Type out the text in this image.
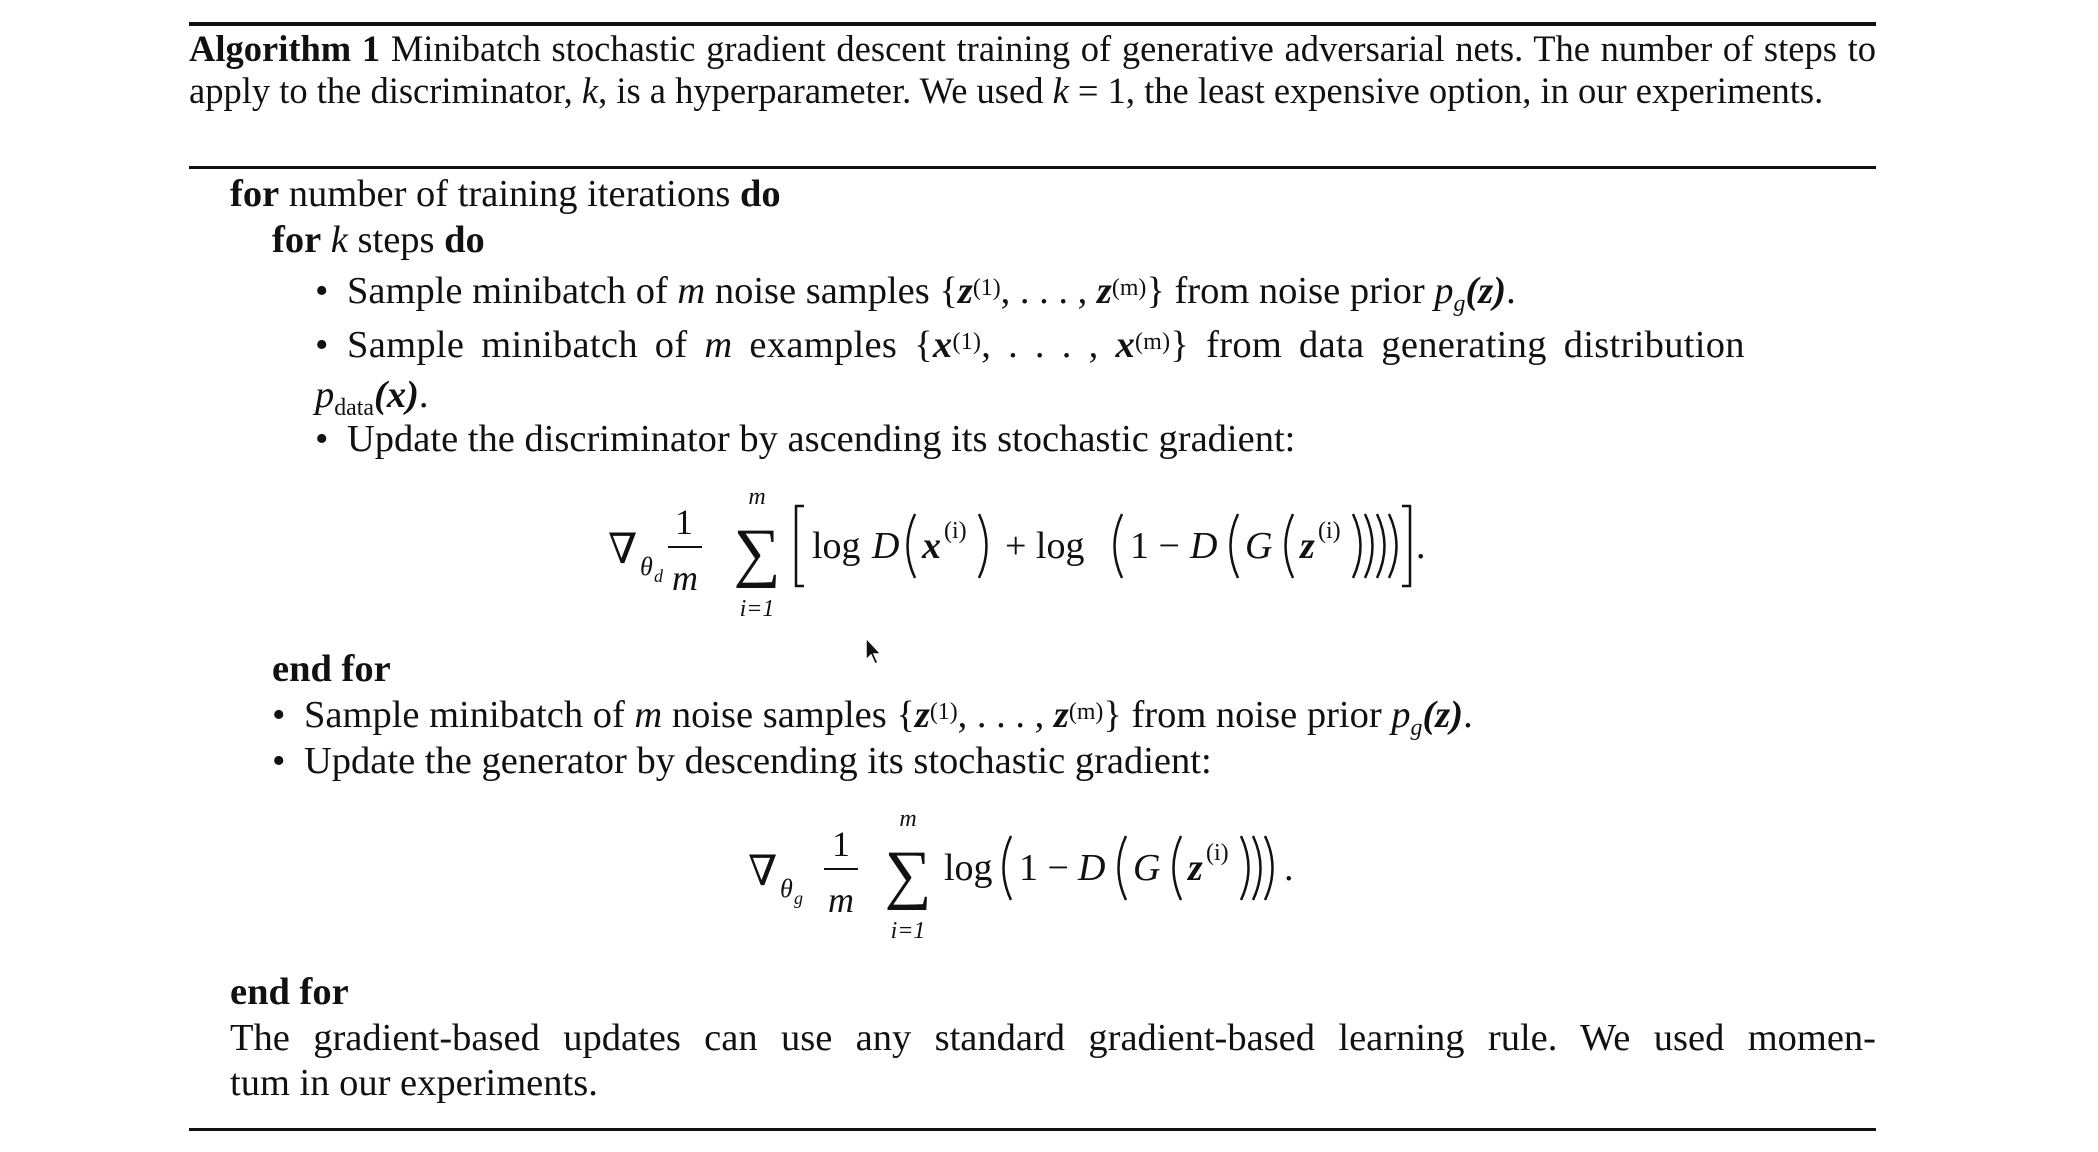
Algorithm 1 Minibatch stochastic gradient descent training of generative adversarial nets. The number of steps to apply to the discriminator, k, is a hyperparameter. We used k = 1, the least expensive option, in our experiments.
for number of training iterations do
for k steps do
• Sample minibatch of m noise samples {$z^{(1)}$, . . . , $z^{(m)}$} from noise prior $p_g(z)$.
• Sample minibatch of m examples {$x^{(1)}$, . . . , $x^{(m)}$} from data generating distribution
$p_{data}(x)$.
• Update the discriminator by ascending its stochastic gradient:
∇ θ d
1
m
m
∑
i=1
log D x (i) + log 1 − D G z (i) .
end for
• Sample minibatch of m noise samples {$z^{(1)}$, . . . , $z^{(m)}$} from noise prior $p_g(z)$.
• Update the generator by descending its stochastic gradient:
∇ θ g
1
m
m
∑
i=1
log 1 − D G z (i) .
end for
The gradient-based updates can use any standard gradient-based learning rule. We used momen-
tum in our experiments.
